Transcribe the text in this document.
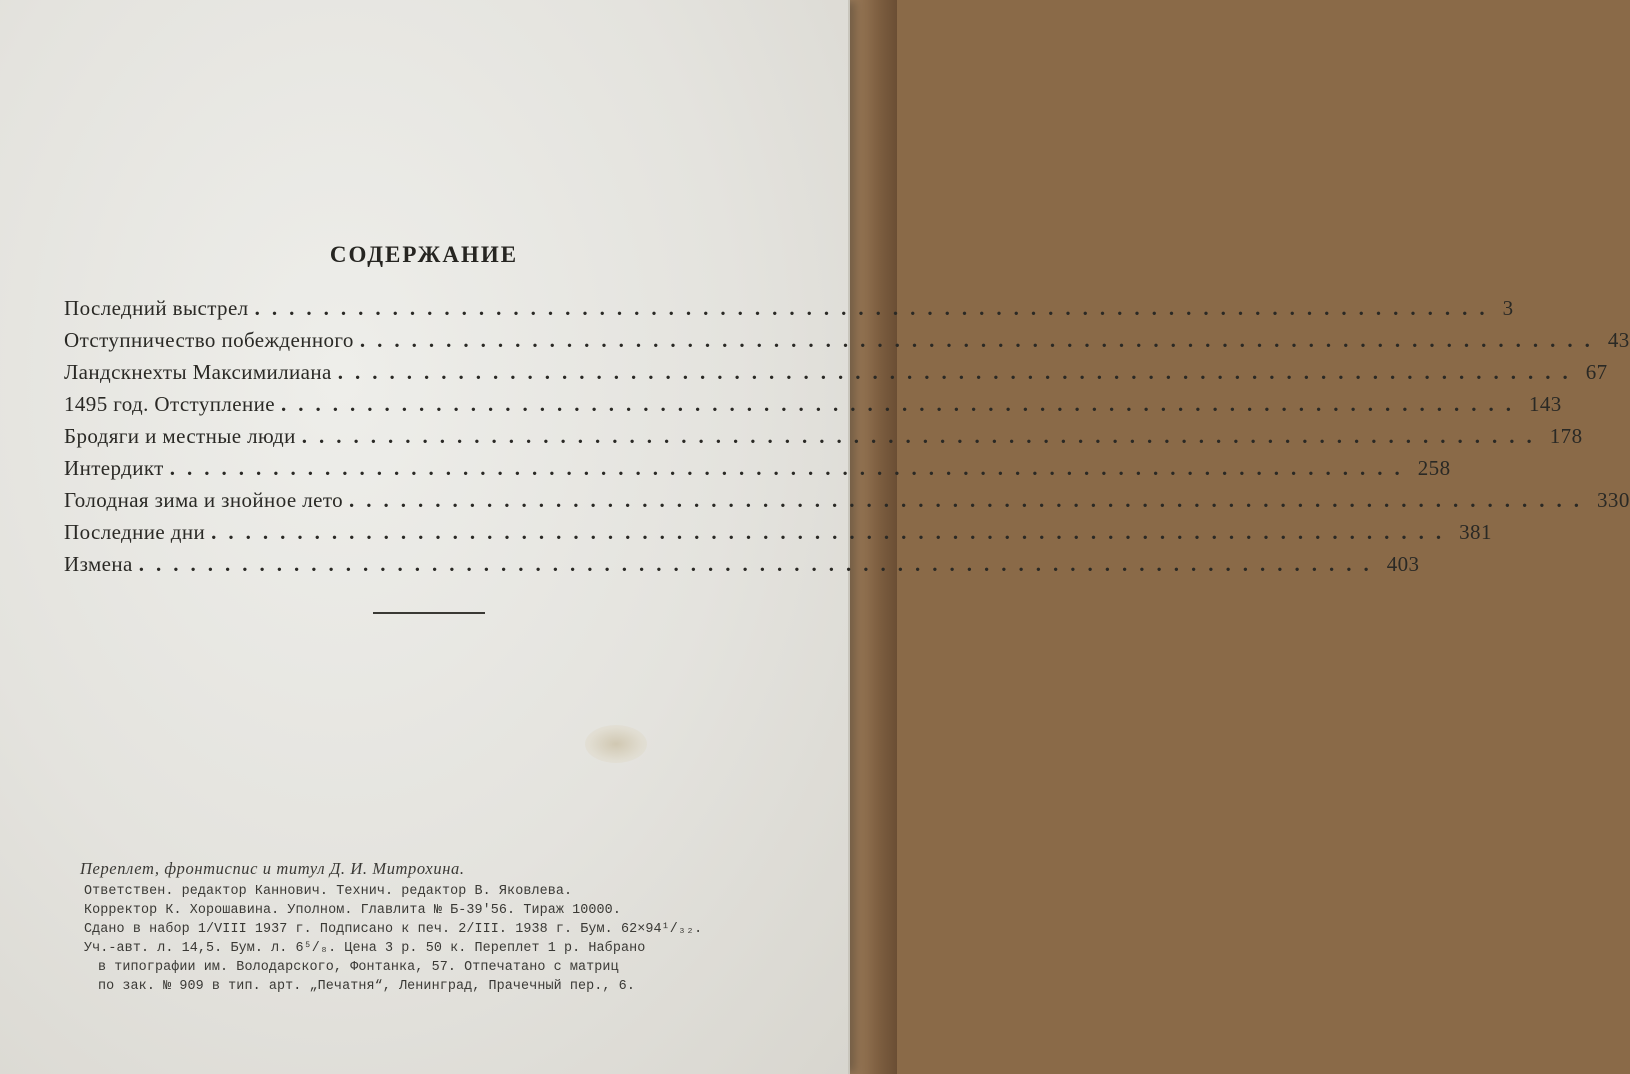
СОДЕРЖАНИЕ
Последний выстрел ........................................................................ 3
Отступничество побежденного ........................................................................ 43
Ландскнехты Максимилиана ........................................................................ 67
1495 год. Отступление ........................................................................ 143
Бродяги и местные люди ........................................................................ 178
Интердикт ........................................................................ 258
Голодная зима и знойное лето ........................................................................ 330
Последние дни ........................................................................ 381
Измена ........................................................................ 403
Переплет, фронтиспис и титул Д. И. Митрохина.
Ответствен. редактор Каннович. Технич. редактор В. Яковлева.
Корректор К. Хорошавина. Уполном. Главлита № Б-39'56. Тираж 10000.
Сдано в набор 1/VIII 1937 г. Подписано к печ. 2/III. 1938 г. Бум. 62×94¹/₃₂.
Уч.-авт. л. 14,5. Бум. л. 6⁵/₈. Цена 3 р. 50 к. Переплет 1 р. Набрано
в типографии им. Володарского, Фонтанка, 57. Отпечатано с матриц
по зак. № 909 в тип. арт. „Печатня“, Ленинград, Прачечный пер., 6.
